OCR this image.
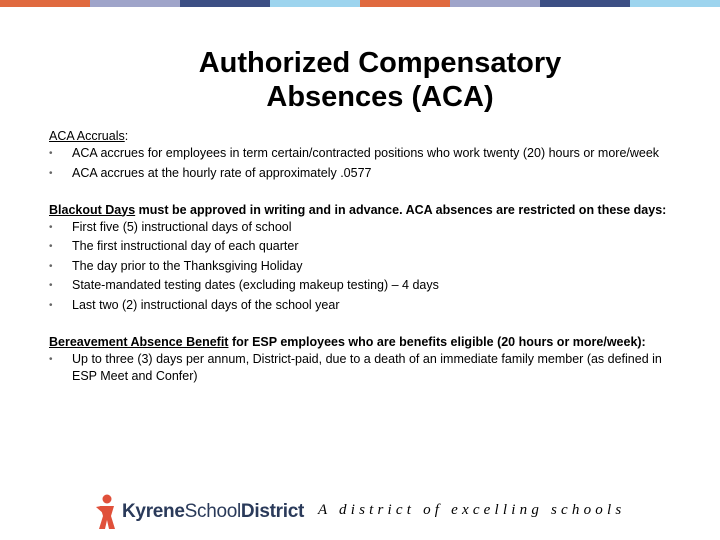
Authorized Compensatory
Absences (ACA)
ACA Accruals:
• ACA accrues for employees in term certain/contracted positions who work twenty (20) hours or more/week
• ACA accrues at the hourly rate of approximately .0577
Blackout Days must be approved in writing and in advance. ACA absences are restricted on these days:
• First five (5) instructional days of school
• The first instructional day of each quarter
• The day prior to the Thanksgiving Holiday
• State-mandated testing dates (excluding makeup testing) – 4 days
• Last two (2) instructional days of the school year
Bereavement Absence Benefit for ESP employees who are benefits eligible (20 hours or more/week):
• Up to three (3) days per annum, District-paid, due to a death of an immediate family member (as defined in ESP Meet and Confer)
KyreneSchoolDistrict A district of excelling schools
